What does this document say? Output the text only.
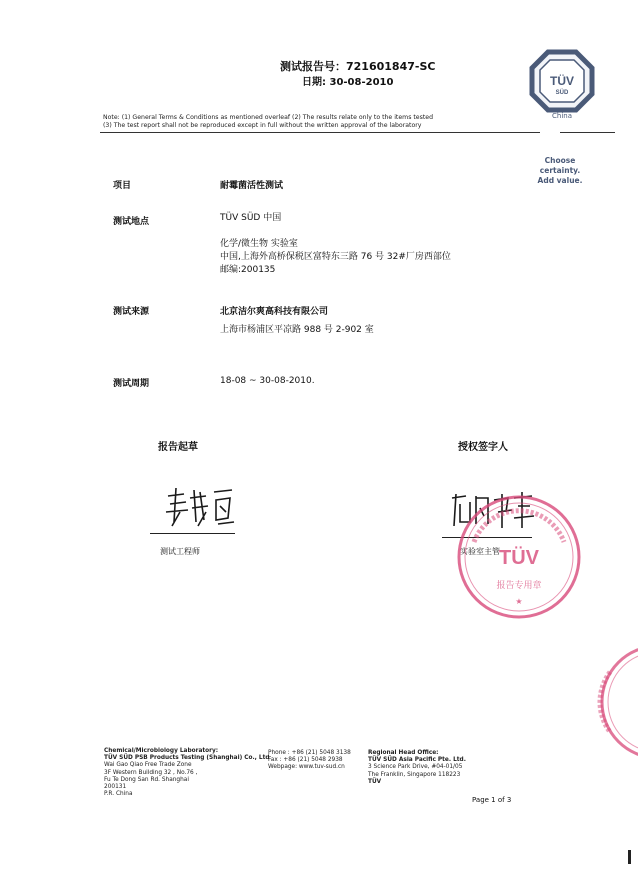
测试报告号：721601847-SC
日期: 30-08-2010	TÜV
SÜD
China
Note: (1) General Terms & Conditions as mentioned overleaf (2) The results relate only to the items tested
(3) The test report shall not be reproduced except in full without the written approval of the laboratory
Choose certainty.
Add value.
项目	耐霉菌活性测试
测试地点	TÜV SÜD 中国
化学/微生物 实验室
中国,上海外高桥保税区富特东三路 76 号 32#厂房西部位
邮编:200135
测试来源	北京洁尔爽高科技有限公司
上海市杨浦区平凉路 988 号 2-902 室
测试周期	18-08 ~ 30-08-2010.
报告起草	授权签字人
测试工程师	实验室主管 TÜV
报告专用章
★
Chemical/Microbiology Laboratory:
TÜV SÜD PSB Products Testing (Shanghai) Co., Ltd
Wai Gao Qiao Free Trade Zone
3F Western Building 32 , No.76 ,
Fu Te Dong San Rd. Shanghai
200131
P.R. China
Phone : +86 (21) 5048 3138
Fax : +86 (21) 5048 2938
Webpage: www.tuv-sud.cn
Regional Head Office:
TÜV SÜD Asia Pacific Pte. Ltd.
3 Science Park Drive, #04-01/05
The Franklin, Singapore 118223
TÜV
Page 1 of 3
